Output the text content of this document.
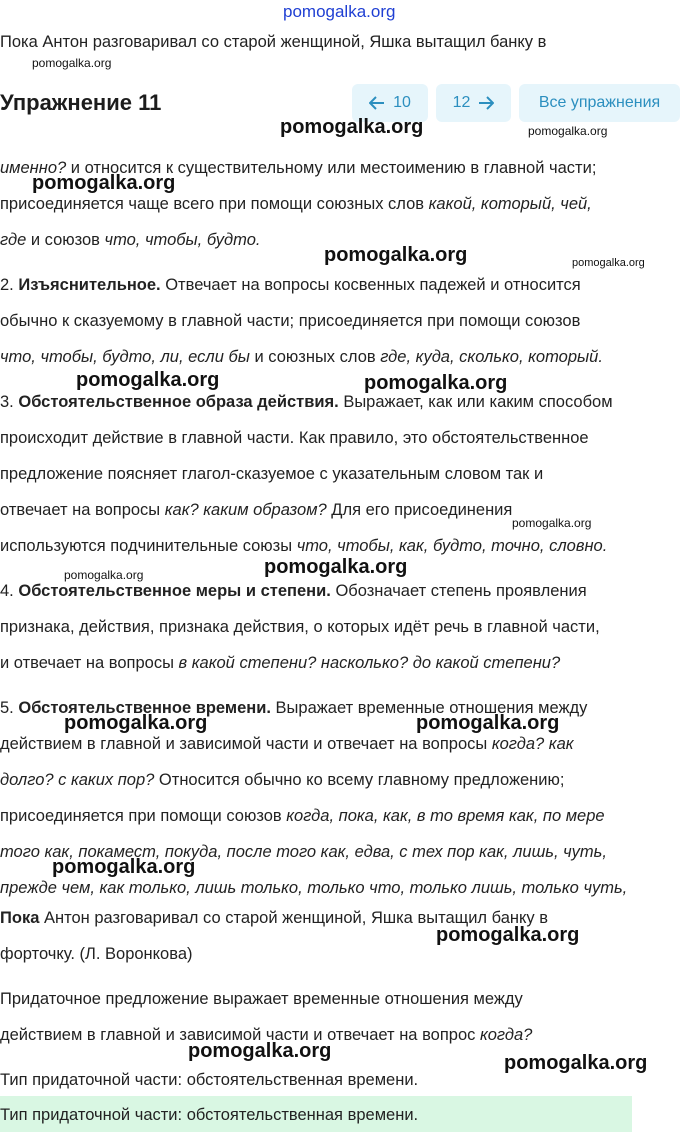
pomogalka.org
Пока Антон разговаривал со старой женщиной, Яшка вытащил банку в
Упражнение 11	10	12	Все упражнения
именно? и относится к существительному или местоимению в главной части;
присоединяется чаще всего при помощи союзных слов какой, который, чей,
где и союзов что, чтобы, будто.
2. Изъяснительное. Отвечает на вопросы косвенных падежей и относится
обычно к сказуемому в главной части; присоединяется при помощи союзов
что, чтобы, будто, ли, если бы и союзных слов где, куда, сколько, который.
3. Обстоятельственное образа действия. Выражает, как или каким способом
происходит действие в главной части. Как правило, это обстоятельственное
предложение поясняет глагол-сказуемое с указательным словом так и
отвечает на вопросы как? каким образом? Для его присоединения
используются подчинительные союзы что, чтобы, как, будто, точно, словно.
4. Обстоятельственное меры и степени. Обозначает степень проявления
признака, действия, признака действия, о которых идёт речь в главной части,
и отвечает на вопросы в какой степени? насколько? до какой степени?
5. Обстоятельственное времени. Выражает временные отношения между
действием в главной и зависимой части и отвечает на вопросы когда? как
долго? с каких пор? Относится обычно ко всему главному предложению;
присоединяется при помощи союзов когда, пока, как, в то время как, по мере
того как, покамест, покуда, после того как, едва, с тех пор как, лишь, чуть,
прежде чем, как только, лишь только, только что, только лишь, только чуть,
Пока Антон разговаривал со старой женщиной, Яшка вытащил банку в
форточку. (Л. Воронкова)
Придаточное предложение выражает временные отношения между
действием в главной и зависимой части и отвечает на вопрос когда?
Тип придаточной части: обстоятельственная времени.
Тип придаточной части: обстоятельственная времени.
pomogalka.org
pomogalka.org	pomogalka.org
pomogalka.org
pomogalka.org	pomogalka.org
pomogalka.org	pomogalka.org
pomogalka.org
pomogalka.org
pomogalka.org
pomogalka.org	pomogalka.org
pomogalka.org
pomogalka.org
pomogalka.org
pomogalka.org
